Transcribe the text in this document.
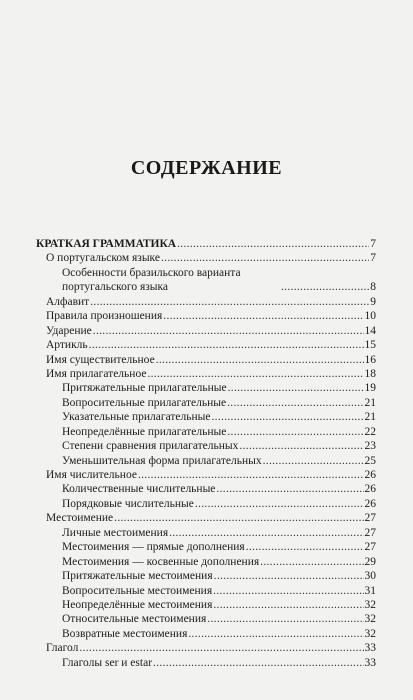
СОДЕРЖАНИЕ
КРАТКАЯ ГРАММАТИКА .....	7
О португальском языке .....	7
Особенности бразильского варианта португальского языка .....	8
Алфавит .....	9
Правила произношения .....	10
Ударение .....	14
Артикль .....	15
Имя существительное .....	16
Имя прилагательное .....	18
Притяжательные прилагательные .....	19
Вопросительные прилагательные .....	21
Указательные прилагательные .....	21
Неопределённые прилагательные .....	22
Степени сравнения прилагательных .....	23
Уменьшительная форма прилагательных .....	25
Имя числительное .....	26
Количественные числительные .....	26
Порядковые числительные .....	26
Местоимение .....	27
Личные местоимения .....	27
Местоимения — прямые дополнения .....	27
Местоимения — косвенные дополнения .....	29
Притяжательные местоимения .....	30
Вопросительные местоимения .....	31
Неопределённые местоимения .....	32
Относительные местоимения .....	32
Возвратные местоимения .....	32
Глагол .....	33
Глаголы ser и estar .....	33
